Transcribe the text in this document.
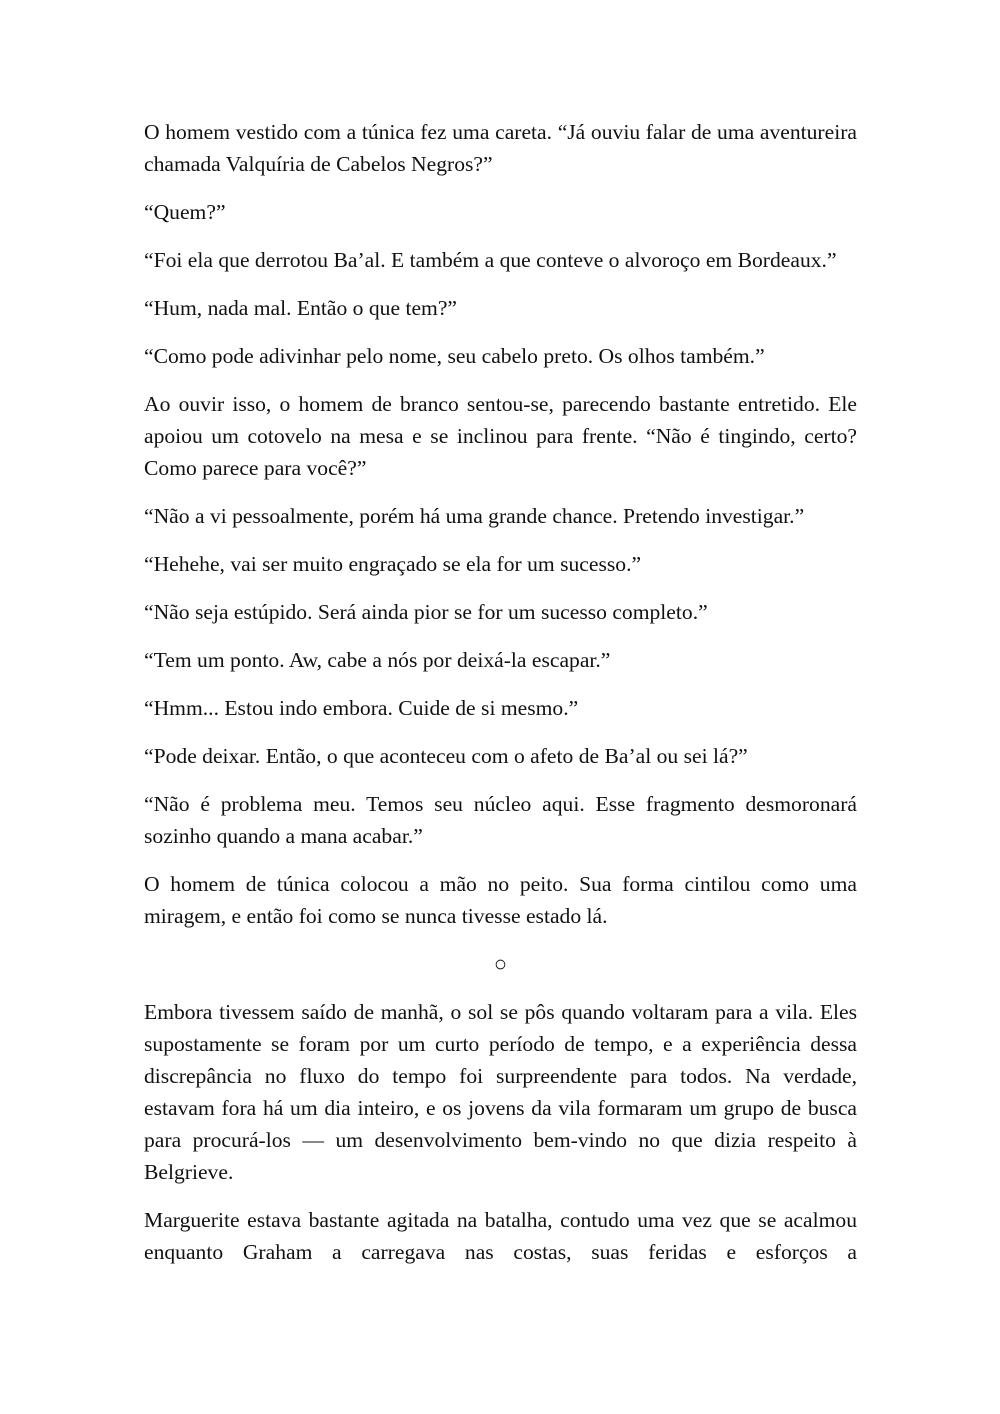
O homem vestido com a túnica fez uma careta. “Já ouviu falar de uma aventureira chamada Valquíria de Cabelos Negros?”

“Quem?”

“Foi ela que derrotou Ba’al. E também a que conteve o alvoroço em Bordeaux.”

“Hum, nada mal. Então o que tem?”

“Como pode adivinhar pelo nome, seu cabelo preto. Os olhos também.”

Ao ouvir isso, o homem de branco sentou-se, parecendo bastante entretido. Ele apoiou um cotovelo na mesa e se inclinou para frente. “Não é tingindo, certo? Como parece para você?”

“Não a vi pessoalmente, porém há uma grande chance. Pretendo investigar.”

“Hehehe, vai ser muito engraçado se ela for um sucesso.”

“Não seja estúpido. Será ainda pior se for um sucesso completo.”

“Tem um ponto. Aw, cabe a nós por deixá-la escapar.”

“Hmm... Estou indo embora. Cuide de si mesmo.”

“Pode deixar. Então, o que aconteceu com o afeto de Ba’al ou sei lá?”

“Não é problema meu. Temos seu núcleo aqui. Esse fragmento desmoronará sozinho quando a mana acabar.”

O homem de túnica colocou a mão no peito. Sua forma cintilou como uma miragem, e então foi como se nunca tivesse estado lá.

○

Embora tivessem saído de manhã, o sol se pôs quando voltaram para a vila. Eles supostamente se foram por um curto período de tempo, e a experiência dessa discrepância no fluxo do tempo foi surpreendente para todos. Na verdade, estavam fora há um dia inteiro, e os jovens da vila formaram um grupo de busca para procurá-los — um desenvolvimento bem-vindo no que dizia respeito à Belgrieve.

Marguerite estava bastante agitada na batalha, contudo uma vez que se acalmou enquanto Graham a carregava nas costas, suas feridas e esforços a
